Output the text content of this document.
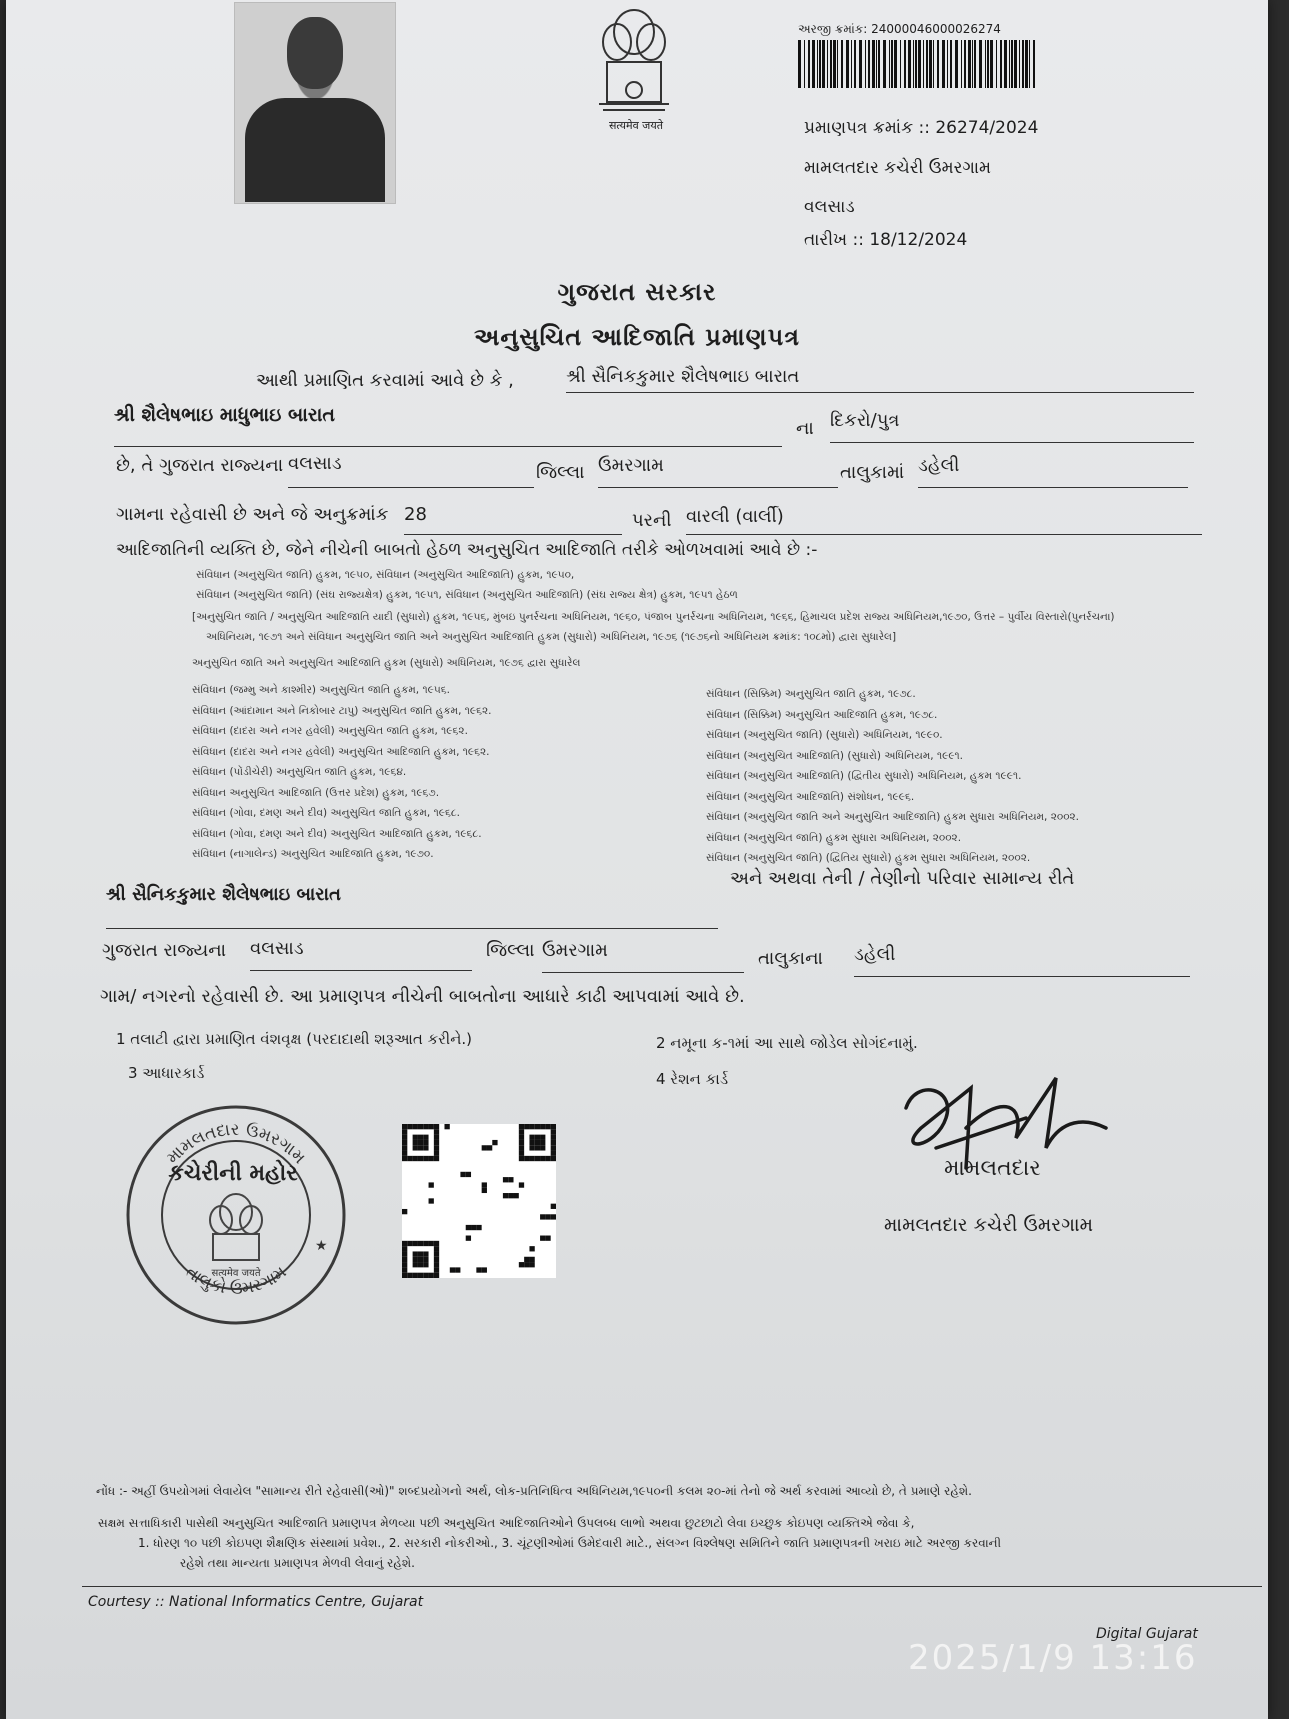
सत्यमेव जयते
અરજી ક્રમાંક: 24000046000026274
પ્રમાણપત્ર ક્રમાંક :: 26274/2024
મામલતદાર કચેરી ઉમરગામ
વલસાડ
તારીખ :: 18/12/2024
ગુજરાત સરકાર
અનુસુચિત આદિજાતિ પ્રમાણપત્ર
આથી પ્રમાણિત કરવામાં આવે છે કે ,	શ્રી સૈનિકકુમાર શૈલેષભાઇ બારાત
શ્રી શૈલેષભાઇ માધુભાઇ બારાત
ના દિકરો/પુત્ર
છે, તે ગુજરાત રાજ્યના વલસાડ	જિલ્લા ઉમરગામ	તાલુકામાં ડહેલી
ગામના રહેવાસી છે અને જે અનુક્રમાંક 28	પરની વારલી (વાર્લી)
આદિજાતિની વ્યક્તિ છે, જેને નીચેની બાબતો હેઠળ અનુસુચિત આદિજાતિ તરીકે ઓળખવામાં આવે છે :-
સંવિધાન (અનુસુચિત જાતિ) હુકમ, ૧૯૫૦, સંવિધાન (અનુસુચિત આદિજાતિ) હુકમ, ૧૯૫૦,
સંવિધાન (અનુસુચિત જાતિ) (સંઘ રાજ્યક્ષેત્ર) હુકમ, ૧૯૫૧, સંવિધાન (અનુસુચિત આદિજાતિ) (સંઘ રાજ્ય ક્ષેત્ર) હુકમ, ૧૯૫૧ હેઠળ
[અનુસુચિત જાતિ / અનુસુચિત આદિજાતિ યાદી (સુધારો) હુકમ, ૧૯૫૬, મુંબઇ પુનર્રચના અધિનિયમ, ૧૯૬૦, પંજાબ પુનર્રચના અધિનિયમ, ૧૯૬૬, હિમાચલ પ્રદેશ રાજ્ય અધિનિયમ,૧૯૭૦, ઉત્તર – પુર્વીય વિસ્તારો(પુનર્રચના)
અધિનિયમ, ૧૯૭૧ અને સંવિધાન અનુસુચિત જાતિ અને અનુસુચિત આદિજાતિ હુકમ (સુધારો) અધિનિયમ, ૧૯૭૬ (૧૯૭૬નો અધિનિયમ ક્રમાંક: ૧૦૮મો) દ્વારા સુધારેલ]
અનુસુચિત જાતિ અને અનુસુચિત આદિજાતિ હુકમ (સુધારો) અધિનિયમ, ૧૯૭૬ દ્વારા સુધારેલ
સંવિધાન (જમ્મુ અને કાશ્મીર) અનુસુચિત જાતિ હુકમ, ૧૯૫૬.
સંવિધાન (આંદામાન અને નિકોબાર ટાપુ) અનુસુચિત જાતિ હુકમ, ૧૯૬૨.
સંવિધાન (દાદરા અને નગર હવેલી) અનુસુચિત જાતિ હુકમ, ૧૯૬૨.
સંવિધાન (દાદરા અને નગર હવેલી) અનુસુચિત આદિજાતિ હુકમ, ૧૯૬૨.
સંવિધાન (પોંડીચેરી) અનુસુચિત જાતિ હુકમ, ૧૯૬૪.
સંવિધાન અનુસુચિત આદિજાતિ (ઉત્તર પ્રદેશ) હુકમ, ૧૯૬૭.
સંવિધાન (ગોવા, દમણ અને દીવ) અનુસુચિત જાતિ હુકમ, ૧૯૬૮.
સંવિધાન (ગોવા, દમણ અને દીવ) અનુસુચિત આદિજાતિ હુકમ, ૧૯૬૮.
સંવિધાન (નાગાલેન્ડ) અનુસુચિત આદિજાતિ હુકમ, ૧૯૭૦.
સંવિધાન (સિક્કિમ) અનુસુચિત જાતિ હુકમ, ૧૯૭૮.
સંવિધાન (સિક્કિમ) અનુસુચિત આદિજાતિ હુકમ, ૧૯૭૮.
સંવિધાન (અનુસુચિત જાતિ) (સુધારો) અધિનિયમ, ૧૯૯૦.
સંવિધાન (અનુસુચિત આદિજાતિ) (સુધારો) અધિનિયમ, ૧૯૯૧.
સંવિધાન (અનુસુચિત આદિજાતિ) (દ્વિતીય સુધારો) અધિનિયમ, હુકમ ૧૯૯૧.
સંવિધાન (અનુસુચિત આદિજાતિ) સંશોધન, ૧૯૯૬.
સંવિધાન (અનુસુચિત જાતિ અને અનુસુચિત આદિજાતિ) હુકમ સુધારા અધિનિયમ, ૨૦૦૨.
સંવિધાન (અનુસુચિત જાતિ) હુકમ સુધારા અધિનિયમ, ૨૦૦૨.
સંવિધાન (અનુસુચિત જાતિ) (દ્વિતિય સુધારો) હુકમ સુધારા અધિનિયમ, ૨૦૦૨.
શ્રી સૈનિકકુમાર શૈલેષભાઇ બારાત
અને અથવા તેની / તેણીનો પરિવાર સામાન્ય રીતે
ગુજરાત રાજ્યના વલસાડ	જિલ્લા ઉમરગામ	તાલુકાના ડહેલી
ગામ/ નગરનો રહેવાસી છે. આ પ્રમાણપત્ર નીચેની બાબતોના આધારે કાઢી આપવામાં આવે છે.
1 તલાટી દ્વારા પ્રમાણિત વંશવૃક્ષ (પરદાદાથી શરૂઆત કરીને.)	2 નમૂના ક-૧માં આ સાથે જોડેલ સોગંદનામું.
3 આધારકાર્ડ	4 રેશન કાર્ડ
મામલતદાર ઉમરગામ
તાલુકો ઉમરગામ
કચેરીની મહોર
सत्यमेव जयते
★
મામલતદાર
મામલતદાર કચેરી ઉમરગામ
નોંધ :- અહીં ઉપયોગમાં લેવાયેલ "સામાન્ય રીતે રહેવાસી(ઓ)" શબ્દપ્રયોગનો અર્થ, લોક-પ્રતિનિધિત્વ અધિનિયમ,૧૯૫૦ની કલમ ૨૦-માં તેનો જે અર્થ કરવામાં આવ્યો છે, તે પ્રમાણે રહેશે.
સક્ષમ સત્તાધિકારી પાસેથી અનુસુચિત આદિજાતિ પ્રમાણપત્ર મેળવ્યા પછી અનુસુચિત આદિજાતિઓને ઉપલબ્ધ લાભો અથવા છુટછાટો લેવા ઇચ્છુક કોઇપણ વ્યક્તિએ જેવા કે,
1. ધોરણ ૧૦ પછી કોઇપણ શૈક્ષણિક સંસ્થામાં પ્રવેશ., 2. સરકારી નોકરીઓ., 3. ચૂંટણીઓમાં ઉમેદવારી માટે., સંલગ્ન વિશ્લેષણ સમિતિને જાતિ પ્રમાણપત્રની ખરાઇ માટે અરજી કરવાની
રહેશે તથા માન્યતા પ્રમાણપત્ર મેળવી લેવાનું રહેશે.
Courtesy :: National Informatics Centre, Gujarat
Digital Gujarat
2025/1/9 13:16
